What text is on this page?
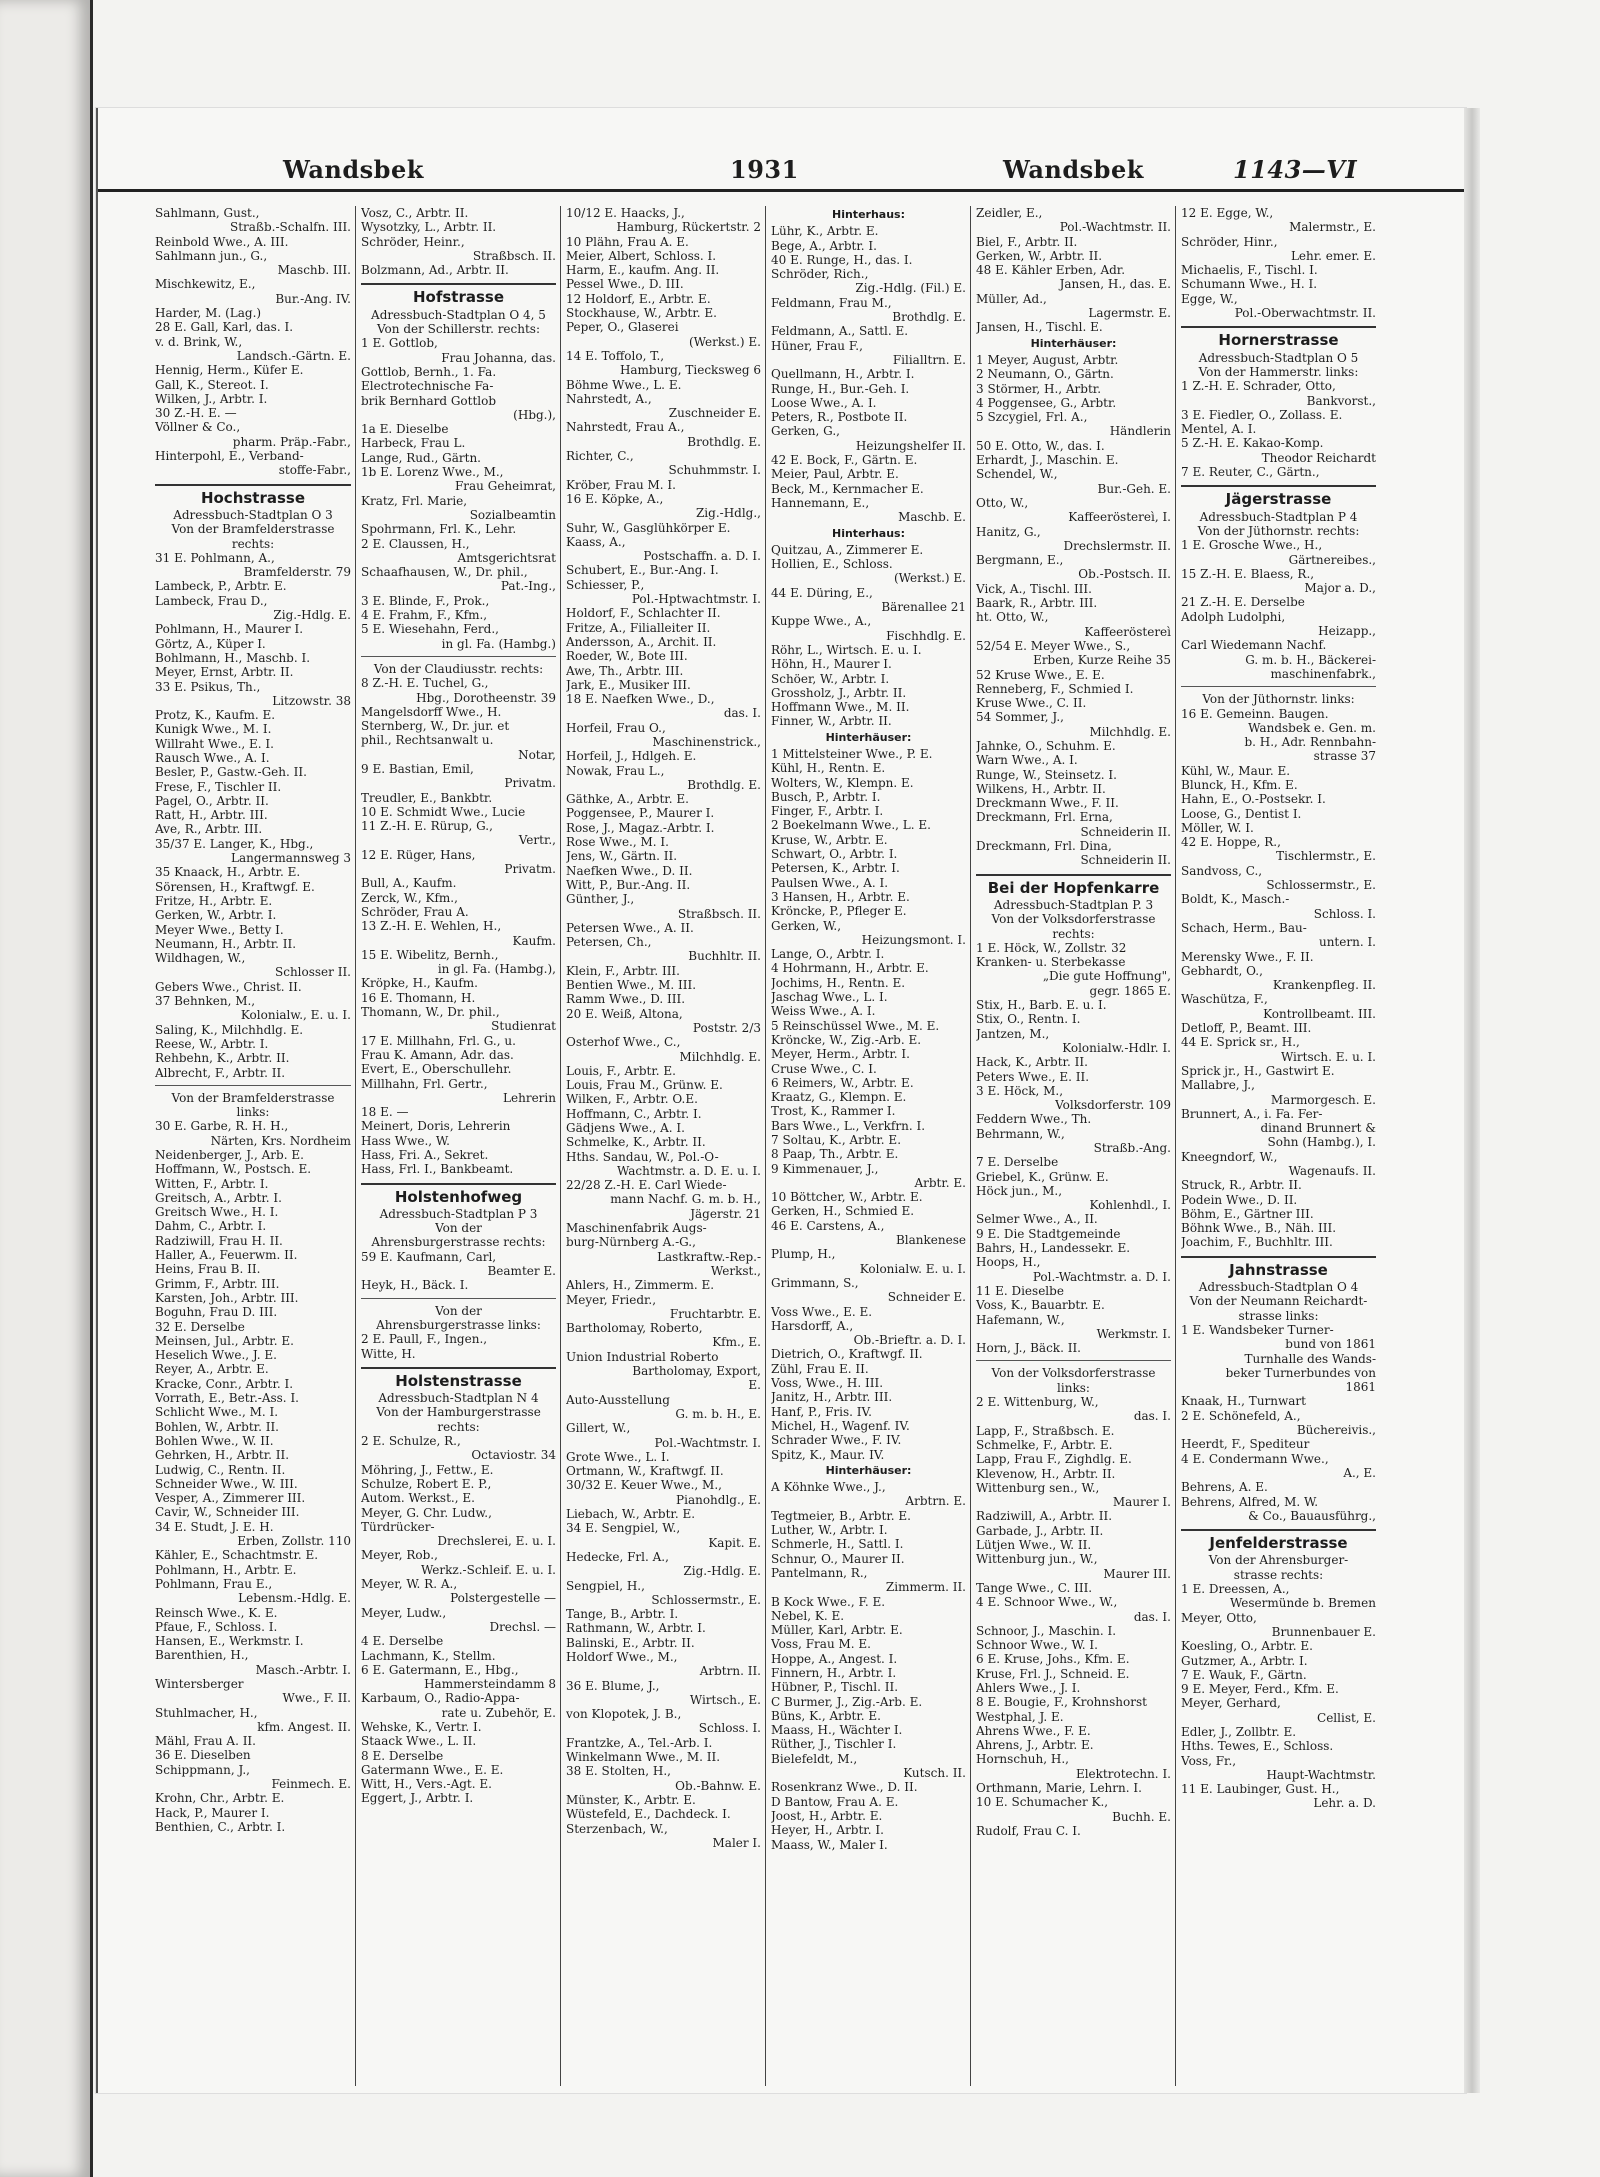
Wandsbek	1931	Wandsbek	1143—VI
Sahlmann, Gust.,
Straßb.-Schalfn. III.
Reinbold Wwe., A. III.
Sahlmann jun., G.,
Maschb. III.
Mischkewitz, E.,
Bur.-Ang. IV.
Harder, M. (Lag.)
28 E. Gall, Karl, das. I.
v. d. Brink, W.,
Landsch.-Gärtn. E.
Hennig, Herm., Küfer E.
Gall, K., Stereot. I.
Wilken, J., Arbtr. I.
30 Z.-H. E. —
Völlner & Co.,
pharm. Präp.-Fabr.,
Hinterpohl, E., Verband-
stoffe-Fabr.,
Hochstrasse
Adressbuch-Stadtplan O 3
Von der Bramfelderstrasse
rechts:
31 E. Pohlmann, A.,
Bramfelderstr. 79
Lambeck, P., Arbtr. E.
Lambeck, Frau D.,
Zig.-Hdlg. E.
Pohlmann, H., Maurer I.
Görtz, A., Küper I.
Bohlmann, H., Maschb. I.
Meyer, Ernst, Arbtr. II.
33 E. Psikus, Th.,
Litzowstr. 38
Protz, K., Kaufm. E.
Kunigk Wwe., M. I.
Willraht Wwe., E. I.
Rausch Wwe., A. I.
Besler, P., Gastw.-Geh. II.
Frese, F., Tischler II.
Pagel, O., Arbtr. II.
Ratt, H., Arbtr. III.
Ave, R., Arbtr. III.
35/37 E. Langer, K., Hbg.,
Langermannsweg 3
35 Knaack, H., Arbtr. E.
Sörensen, H., Kraftwgf. E.
Fritze, H., Arbtr. E.
Gerken, W., Arbtr. I.
Meyer Wwe., Betty I.
Neumann, H., Arbtr. II.
Wildhagen, W.,
Schlosser II.
Gebers Wwe., Christ. II.
37 Behnken, M.,
Kolonialw., E. u. I.
Saling, K., Milchhdlg. E.
Reese, W., Arbtr. I.
Rehbehn, K., Arbtr. II.
Albrecht, F., Arbtr. II.
Von der Bramfelderstrasse
links:
30 E. Garbe, R. H. H.,
Närten, Krs. Nordheim
Neidenberger, J., Arb. E.
Hoffmann, W., Postsch. E.
Witten, F., Arbtr. I.
Greitsch, A., Arbtr. I.
Greitsch Wwe., H. I.
Dahm, C., Arbtr. I.
Radziwill, Frau H. II.
Haller, A., Feuerwm. II.
Heins, Frau B. II.
Grimm, F., Arbtr. III.
Karsten, Joh., Arbtr. III.
Boguhn, Frau D. III.
32 E. Derselbe
Meinsen, Jul., Arbtr. E.
Heselich Wwe., J. E.
Reyer, A., Arbtr. E.
Kracke, Conr., Arbtr. I.
Vorrath, E., Betr.-Ass. I.
Schlicht Wwe., M. I.
Bohlen, W., Arbtr. II.
Bohlen Wwe., W. II.
Gehrken, H., Arbtr. II.
Ludwig, C., Rentn. II.
Schneider Wwe., W. III.
Vesper, A., Zimmerer III.
Cavir, W., Schneider III.
34 E. Studt, J. E. H.
Erben, Zollstr. 110
Kähler, E., Schachtmstr. E.
Pohlmann, H., Arbtr. E.
Pohlmann, Frau E.,
Lebensm.-Hdlg. E.
Reinsch Wwe., K. E.
Pfaue, F., Schloss. I.
Hansen, E., Werkmstr. I.
Barenthien, H.,
Masch.-Arbtr. I.
Wintersberger
Wwe., F. II.
Stuhlmacher, H.,
kfm. Angest. II.
Mähl, Frau A. II.
36 E. Dieselben
Schippmann, J.,
Feinmech. E.
Krohn, Chr., Arbtr. E.
Hack, P., Maurer I.
Benthien, C., Arbtr. I.
Vosz, C., Arbtr. II.
Wysotzky, L., Arbtr. II.
Schröder, Heinr.,
Straßbsch. II.
Bolzmann, Ad., Arbtr. II.
Hofstrasse
Adressbuch-Stadtplan O 4, 5
Von der Schillerstr. rechts:
1 E. Gottlob,
Frau Johanna, das.
Gottlob, Bernh., 1. Fa.
Electrotechnische Fa-
brik Bernhard Gottlob
(Hbg.),
1a E. Dieselbe
Harbeck, Frau L.
Lange, Rud., Gärtn.
1b E. Lorenz Wwe., M.,
Frau Geheimrat,
Kratz, Frl. Marie,
Sozialbeamtin
Spohrmann, Frl. K., Lehr.
2 E. Claussen, H.,
Amtsgerichtsrat
Schaafhausen, W., Dr. phil.,
Pat.-Ing.,
3 E. Blinde, F., Prok.,
4 E. Frahm, F., Kfm.,
5 E. Wiesehahn, Ferd.,
in gl. Fa. (Hambg.)
Von der Claudiusstr. rechts:
8 Z.-H. E. Tuchel, G.,
Hbg., Dorotheenstr. 39
Mangelsdorff Wwe., H.
Sternberg, W., Dr. jur. et
phil., Rechtsanwalt u.
Notar,
9 E. Bastian, Emil,
Privatm.
Treudler, E., Bankbtr.
10 E. Schmidt Wwe., Lucie
11 Z.-H. E. Rürup, G.,
Vertr.,
12 E. Rüger, Hans,
Privatm.
Bull, A., Kaufm.
Zerck, W., Kfm.,
Schröder, Frau A.
13 Z.-H. E. Wehlen, H.,
Kaufm.
15 E. Wibelitz, Bernh.,
in gl. Fa. (Hambg.),
Kröpke, H., Kaufm.
16 E. Thomann, H.
Thomann, W., Dr. phil.,
Studienrat
17 E. Millhahn, Frl. G., u.
Frau K. Amann, Adr. das.
Evert, E., Oberschullehr.
Millhahn, Frl. Gertr.,
Lehrerin
18 E. —
Meinert, Doris, Lehrerin
Hass Wwe., W.
Hass, Fri. A., Sekret.
Hass, Frl. I., Bankbeamt.
Holstenhofweg
Adressbuch-Stadtplan P 3
Von der
Ahrensburgerstrasse rechts:
59 E. Kaufmann, Carl,
Beamter E.
Heyk, H., Bäck. I.
Von der
Ahrensburgerstrasse links:
2 E. Paull, F., Ingen.,
Witte, H.
Holstenstrasse
Adressbuch-Stadtplan N 4
Von der Hamburgerstrasse
rechts:
2 E. Schulze, R.,
Octaviostr. 34
Möhring, J., Fettw., E.
Schulze, Robert E. P.,
Autom. Werkst., E.
Meyer, G. Chr. Ludw.,
Türdrücker-
Drechslerei, E. u. I.
Meyer, Rob.,
Werkz.-Schleif. E. u. I.
Meyer, W. R. A.,
Polstergestelle —
Meyer, Ludw.,
Drechsl. —
4 E. Derselbe
Lachmann, K., Stellm.
6 E. Gatermann, E., Hbg.,
Hammersteindamm 8
Karbaum, O., Radio-Appa-
rate u. Zubehör, E.
Wehske, K., Vertr. I.
Staack Wwe., L. II.
8 E. Derselbe
Gatermann Wwe., E. E.
Witt, H., Vers.-Agt. E.
Eggert, J., Arbtr. I.
10/12 E. Haacks, J.,
Hamburg, Rückertstr. 2
10 Plähn, Frau A. E.
Meier, Albert, Schloss. I.
Harm, E., kaufm. Ang. II.
Pessel Wwe., D. III.
12 Holdorf, E., Arbtr. E.
Stockhause, W., Arbtr. E.
Peper, O., Glaserei
(Werkst.) E.
14 E. Toffolo, T.,
Hamburg, Tiecksweg 6
Böhme Wwe., L. E.
Nahrstedt, A.,
Zuschneider E.
Nahrstedt, Frau A.,
Brothdlg. E.
Richter, C.,
Schuhmmstr. I.
Kröber, Frau M. I.
16 E. Köpke, A.,
Zig.-Hdlg.,
Suhr, W., Gasglühkörper E.
Kaass, A.,
Postschaffn. a. D. I.
Schubert, E., Bur.-Ang. I.
Schiesser, P.,
Pol.-Hptwachtmstr. I.
Holdorf, F., Schlachter II.
Fritze, A., Filialleiter II.
Andersson, A., Archit. II.
Roeder, W., Bote III.
Awe, Th., Arbtr. III.
Jark, E., Musiker III.
18 E. Naefken Wwe., D.,
das. I.
Horfeil, Frau O.,
Maschinenstrick.,
Horfeil, J., Hdlgeh. E.
Nowak, Frau L.,
Brothdlg. E.
Gäthke, A., Arbtr. E.
Poggensee, P., Maurer I.
Rose, J., Magaz.-Arbtr. I.
Rose Wwe., M. I.
Jens, W., Gärtn. II.
Naefken Wwe., D. II.
Witt, P., Bur.-Ang. II.
Günther, J.,
Straßbsch. II.
Petersen Wwe., A. II.
Petersen, Ch.,
Buchhltr. II.
Klein, F., Arbtr. III.
Bentien Wwe., M. III.
Ramm Wwe., D. III.
20 E. Weiß, Altona,
Poststr. 2/3
Osterhof Wwe., C.,
Milchhdlg. E.
Louis, F., Arbtr. E.
Louis, Frau M., Grünw. E.
Wilken, F., Arbtr. O.E.
Hoffmann, C., Arbtr. I.
Gädjens Wwe., A. I.
Schmelke, K., Arbtr. II.
Hths. Sandau, W., Pol.-O-
Wachtmstr. a. D. E. u. I.
22/28 Z.-H. E. Carl Wiede-
mann Nachf. G. m. b. H.,
Jägerstr. 21
Maschinenfabrik Augs-
burg-Nürnberg A.-G.,
Lastkraftw.-Rep.-
Werkst.,
Ahlers, H., Zimmerm. E.
Meyer, Friedr.,
Fruchtarbtr. E.
Bartholomay, Roberto,
Kfm., E.
Union Industrial Roberto
Bartholomay, Export,
E.
Auto-Ausstellung
G. m. b. H., E.
Gillert, W.,
Pol.-Wachtmstr. I.
Grote Wwe., L. I.
Ortmann, W., Kraftwgf. II.
30/32 E. Keuer Wwe., M.,
Pianohdlg., E.
Liebach, W., Arbtr. E.
34 E. Sengpiel, W.,
Kapit. E.
Hedecke, Frl. A.,
Zig.-Hdlg. E.
Sengpiel, H.,
Schlossermstr., E.
Tange, B., Arbtr. I.
Rathmann, W., Arbtr. I.
Balinski, E., Arbtr. II.
Holdorf Wwe., M.,
Arbtrn. II.
36 E. Blume, J.,
Wirtsch., E.
von Klopotek, J. B.,
Schloss. I.
Frantzke, A., Tel.-Arb. I.
Winkelmann Wwe., M. II.
38 E. Stolten, H.,
Ob.-Bahnw. E.
Münster, K., Arbtr. E.
Wüstefeld, E., Dachdeck. I.
Sterzenbach, W.,
Maler I.
Hinterhaus:
Lühr, K., Arbtr. E.
Bege, A., Arbtr. I.
40 E. Runge, H., das. I.
Schröder, Rich.,
Zig.-Hdlg. (Fil.) E.
Feldmann, Frau M.,
Brothdlg. E.
Feldmann, A., Sattl. E.
Hüner, Frau F.,
Filialltrn. E.
Quellmann, H., Arbtr. I.
Runge, H., Bur.-Geh. I.
Loose Wwe., A. I.
Peters, R., Postbote II.
Gerken, G.,
Heizungshelfer II.
42 E. Bock, F., Gärtn. E.
Meier, Paul, Arbtr. E.
Beck, M., Kernmacher E.
Hannemann, E.,
Maschb. E.
Hinterhaus:
Quitzau, A., Zimmerer E.
Hollien, E., Schloss.
(Werkst.) E.
44 E. Düring, E.,
Bärenallee 21
Kuppe Wwe., A.,
Fischhdlg. E.
Röhr, L., Wirtsch. E. u. I.
Höhn, H., Maurer I.
Schöer, W., Arbtr. I.
Grossholz, J., Arbtr. II.
Hoffmann Wwe., M. II.
Finner, W., Arbtr. II.
Hinterhäuser:
1 Mittelsteiner Wwe., P. E.
Kühl, H., Rentn. E.
Wolters, W., Klempn. E.
Busch, P., Arbtr. I.
Finger, F., Arbtr. I.
2 Boekelmann Wwe., L. E.
Kruse, W., Arbtr. E.
Schwart, O., Arbtr. I.
Petersen, K., Arbtr. I.
Paulsen Wwe., A. I.
3 Hansen, H., Arbtr. E.
Kröncke, P., Pfleger E.
Gerken, W.,
Heizungsmont. I.
Lange, O., Arbtr. I.
4 Hohrmann, H., Arbtr. E.
Jochims, H., Rentn. E.
Jaschag Wwe., L. I.
Weiss Wwe., A. I.
5 Reinschüssel Wwe., M. E.
Kröncke, W., Zig.-Arb. E.
Meyer, Herm., Arbtr. I.
Cruse Wwe., C. I.
6 Reimers, W., Arbtr. E.
Kraatz, G., Klempn. E.
Trost, K., Rammer I.
Bars Wwe., L., Verkfrn. I.
7 Soltau, K., Arbtr. E.
8 Paap, Th., Arbtr. E.
9 Kimmenauer, J.,
Arbtr. E.
10 Böttcher, W., Arbtr. E.
Gerken, H., Schmied E.
46 E. Carstens, A.,
Blankenese
Plump, H.,
Kolonialw. E. u. I.
Grimmann, S.,
Schneider E.
Voss Wwe., E. E.
Harsdorff, A.,
Ob.-Brieftr. a. D. I.
Dietrich, O., Kraftwgf. II.
Zühl, Frau E. II.
Voss, Wwe., H. III.
Janitz, H., Arbtr. III.
Hanf, P., Fris. IV.
Michel, H., Wagenf. IV.
Schrader Wwe., F. IV.
Spitz, K., Maur. IV.
Hinterhäuser:
A Köhnke Wwe., J.,
Arbtrn. E.
Tegtmeier, B., Arbtr. E.
Luther, W., Arbtr. I.
Schmerle, H., Sattl. I.
Schnur, O., Maurer II.
Pantelmann, R.,
Zimmerm. II.
B Kock Wwe., F. E.
Nebel, K. E.
Müller, Karl, Arbtr. E.
Voss, Frau M. E.
Hoppe, A., Angest. I.
Finnern, H., Arbtr. I.
Hübner, P., Tischl. II.
C Burmer, J., Zig.-Arb. E.
Büns, K., Arbtr. E.
Maass, H., Wächter I.
Rüther, J., Tischler I.
Bielefeldt, M.,
Kutsch. II.
Rosenkranz Wwe., D. II.
D Bantow, Frau A. E.
Joost, H., Arbtr. E.
Heyer, H., Arbtr. I.
Maass, W., Maler I.
Zeidler, E.,
Pol.-Wachtmstr. II.
Biel, F., Arbtr. II.
Gerken, W., Arbtr. II.
48 E. Kähler Erben, Adr.
Jansen, H., das. E.
Müller, Ad.,
Lagermstr. E.
Jansen, H., Tischl. E.
Hinterhäuser:
1 Meyer, August, Arbtr.
2 Neumann, O., Gärtn.
3 Störmer, H., Arbtr.
4 Poggensee, G., Arbtr.
5 Szcygiel, Frl. A.,
Händlerin
50 E. Otto, W., das. I.
Erhardt, J., Maschin. E.
Schendel, W.,
Bur.-Geh. E.
Otto, W.,
Kaffeeröstereì, I.
Hanitz, G.,
Drechslermstr. II.
Bergmann, E.,
Ob.-Postsch. II.
Vick, A., Tischl. III.
Baark, R., Arbtr. III.
ht. Otto, W.,
Kaffeeröstereì
52/54 E. Meyer Wwe., S.,
Erben, Kurze Reihe 35
52 Kruse Wwe., E. E.
Renneberg, F., Schmied I.
Kruse Wwe., C. II.
54 Sommer, J.,
Milchhdlg. E.
Jahnke, O., Schuhm. E.
Warn Wwe., A. I.
Runge, W., Steinsetz. I.
Wilkens, H., Arbtr. II.
Dreckmann Wwe., F. II.
Dreckmann, Frl. Erna,
Schneiderin II.
Dreckmann, Frl. Dina,
Schneiderin II.
Bei der Hopfenkarre
Adressbuch-Stadtplan P. 3
Von der Volksdorferstrasse
rechts:
1 E. Höck, W., Zollstr. 32
Kranken- u. Sterbekasse
„Die gute Hoffnung",
gegr. 1865 E.
Stix, H., Barb. E. u. I.
Stix, O., Rentn. I.
Jantzen, M.,
Kolonialw.-Hdlr. I.
Hack, K., Arbtr. II.
Peters Wwe., E. II.
3 E. Höck, M.,
Volksdorferstr. 109
Feddern Wwe., Th.
Behrmann, W.,
Straßb.-Ang.
7 E. Derselbe
Griebel, K., Grünw. E.
Höck jun., M.,
Kohlenhdl., I.
Selmer Wwe., A., II.
9 E. Die Stadtgemeinde
Bahrs, H., Landessekr. E.
Hoops, H.,
Pol.-Wachtmstr. a. D. I.
11 E. Dieselbe
Voss, K., Bauarbtr. E.
Hafemann, W.,
Werkmstr. I.
Horn, J., Bäck. II.
Von der Volksdorferstrasse
links:
2 E. Wittenburg, W.,
das. I.
Lapp, F., Straßbsch. E.
Schmelke, F., Arbtr. E.
Lapp, Frau F., Zighdlg. E.
Klevenow, H., Arbtr. II.
Wittenburg sen., W.,
Maurer I.
Radziwill, A., Arbtr. II.
Garbade, J., Arbtr. II.
Lütjen Wwe., W. II.
Wittenburg jun., W.,
Maurer III.
Tange Wwe., C. III.
4 E. Schnoor Wwe., W.,
das. I.
Schnoor, J., Maschin. I.
Schnoor Wwe., W. I.
6 E. Kruse, Johs., Kfm. E.
Kruse, Frl. J., Schneid. E.
Ahlers Wwe., J. I.
8 E. Bougie, F., Krohnshorst
Westphal, J. E.
Ahrens Wwe., F. E.
Ahrens, J., Arbtr. E.
Hornschuh, H.,
Elektrotechn. I.
Orthmann, Marie, Lehrn. I.
10 E. Schumacher K.,
Buchh. E.
Rudolf, Frau C. I.
12 E. Egge, W.,
Malermstr., E.
Schröder, Hinr.,
Lehr. emer. E.
Michaelis, F., Tischl. I.
Schumann Wwe., H. I.
Egge, W.,
Pol.-Oberwachtmstr. II.
Hornerstrasse
Adressbuch-Stadtplan O 5
Von der Hammerstr. links:
1 Z.-H. E. Schrader, Otto,
Bankvorst.,
3 E. Fiedler, O., Zollass. E.
Mentel, A. I.
5 Z.-H. E. Kakao-Komp.
Theodor Reichardt
7 E. Reuter, C., Gärtn.,
Jägerstrasse
Adressbuch-Stadtplan P 4
Von der Jüthornstr. rechts:
1 E. Grosche Wwe., H.,
Gärtnereibes.,
15 Z.-H. E. Blaess, R.,
Major a. D.,
21 Z.-H. E. Derselbe
Adolph Ludolphi,
Heizapp.,
Carl Wiedemann Nachf.
G. m. b. H., Bäckerei-
maschinenfabrk.,
Von der Jüthornstr. links:
16 E. Gemeinn. Baugen.
Wandsbek e. Gen. m.
b. H., Adr. Rennbahn-
strasse 37
Kühl, W., Maur. E.
Blunck, H., Kfm. E.
Hahn, E., O.-Postsekr. I.
Loose, G., Dentist I.
Möller, W. I.
42 E. Hoppe, R.,
Tischlermstr., E.
Sandvoss, C.,
Schlossermstr., E.
Boldt, K., Masch.-
Schloss. I.
Schach, Herm., Bau-
untern. I.
Merensky Wwe., F. II.
Gebhardt, O.,
Krankenpfleg. II.
Waschütza, F.,
Kontrollbeamt. III.
Detloff, P., Beamt. III.
44 E. Sprick sr., H.,
Wirtsch. E. u. I.
Sprick jr., H., Gastwirt E.
Mallabre, J.,
Marmorgesch. E.
Brunnert, A., i. Fa. Fer-
dinand Brunnert &
Sohn (Hambg.), I.
Kneegndorf, W.,
Wagenaufs. II.
Struck, R., Arbtr. II.
Podein Wwe., D. II.
Böhm, E., Gärtner III.
Böhnk Wwe., B., Näh. III.
Joachim, F., Buchhltr. III.
Jahnstrasse
Adressbuch-Stadtplan O 4
Von der Neumann Reichardt-
strasse links:
1 E. Wandsbeker Turner-
bund von 1861
Turnhalle des Wands-
beker Turnerbundes von
1861
Knaak, H., Turnwart
2 E. Schönefeld, A.,
Büchereivis.,
Heerdt, F., Spediteur
4 E. Condermann Wwe.,
A., E.
Behrens, A. E.
Behrens, Alfred, M. W.
& Co., Bauausführg.,
Jenfelderstrasse
Von der Ahrensburger-
strasse rechts:
1 E. Dreessen, A.,
Wesermünde b. Bremen
Meyer, Otto,
Brunnenbauer E.
Koesling, O., Arbtr. E.
Gutzmer, A., Arbtr. I.
7 E. Wauk, F., Gärtn.
9 E. Meyer, Ferd., Kfm. E.
Meyer, Gerhard,
Cellist, E.
Edler, J., Zollbtr. E.
Hths. Tewes, E., Schloss.
Voss, Fr.,
Haupt-Wachtmstr.
11 E. Laubinger, Gust. H.,
Lehr. a. D.
